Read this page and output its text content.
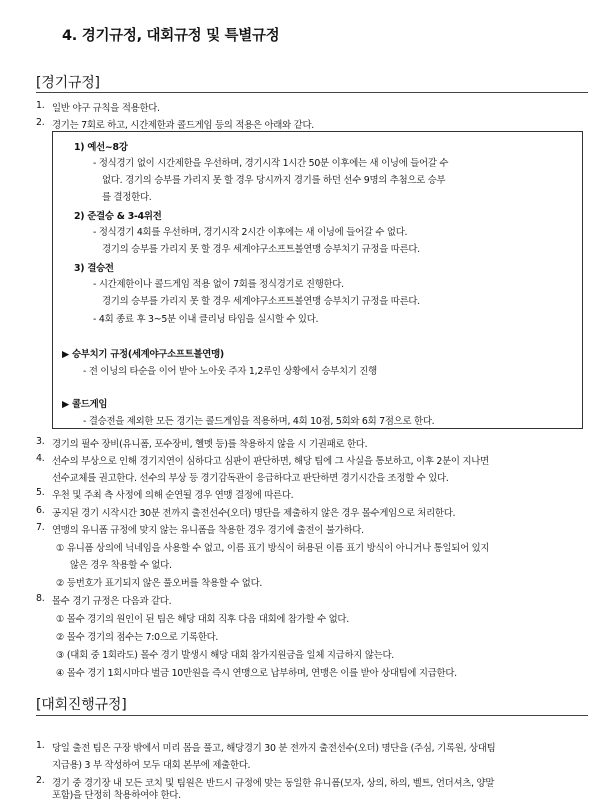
4. 경기규정, 대회규정 및 특별규정
[경기규정]
1. 일반 야구 규칙을 적용한다.
2. 경기는 7회로 하고, 시간제한과 콜드게임 등의 적용은 아래와 같다.
1) 예선~8강
- 정식경기 없이 시간제한을 우선하며, 경기시작 1시간 50분 이후에는 새 이닝에 들어갈 수
없다. 경기의 승부를 가리지 못 할 경우 당시까지 경기를 하던 선수 9명의 추첨으로 승부
를 결정한다.
2) 준결승 & 3-4위전
- 정식경기 4회를 우선하며, 경기시작 2시간 이후에는 새 이닝에 들어갈 수 없다.
경기의 승부를 가리지 못 할 경우 세계야구소프트볼연맹 승부치기 규정을 따른다.
3) 결승전
- 시간제한이나 콜드게임 적용 없이 7회를 정식경기로 진행한다.
경기의 승부를 가리지 못 할 경우 세계야구소프트볼연맹 승부치기 규정을 따른다.
- 4회 종료 후 3~5분 이내 클리닝 타임을 실시할 수 있다.
▶ 승부치기 규정(세계야구소프트볼연맹)
- 전 이닝의 타순을 이어 받아 노아웃 주자 1,2루인 상황에서 승부치기 진행
▶ 콜드게임
- 결승전을 제외한 모든 경기는 콜드게임을 적용하며, 4회 10점, 5회와 6회 7점으로 한다.
3. 경기의 필수 장비(유니폼, 포수장비, 헬멧 등)를 착용하지 않을 시 기권패로 한다.
4. 선수의 부상으로 인해 경기지연이 심하다고 심판이 판단하면, 해당 팀에 그 사실을 통보하고, 이후 2분이 지나면
선수교체를 권고한다. 선수의 부상 등 경기감독관이 응급하다고 판단하면 경기시간을 조정할 수 있다.
5. 우천 및 주최 측 사정에 의해 순연될 경우 연맹 결정에 따른다.
6. 공지된 경기 시작시간 30분 전까지 출전선수(오더) 명단을 제출하지 않은 경우 몰수게임으로 처리한다.
7. 연맹의 유니폼 규정에 맞지 않는 유니폼을 착용한 경우 경기에 출전이 불가하다.
① 유니폼 상의에 닉네임을 사용할 수 없고, 이름 표기 방식이 허용된 이름 표기 방식이 아니거나 통일되어 있지
않은 경우 착용할 수 없다.
② 등번호가 표기되지 않은 풀오버를 착용할 수 없다.
8. 몰수 경기 규정은 다음과 같다.
① 몰수 경기의 원인이 된 팀은 해당 대회 직후 다음 대회에 참가할 수 없다.
② 몰수 경기의 점수는 7:0으로 기록한다.
③ (대회 중 1회라도) 몰수 경기 발생시 해당 대회 참가지원금을 일체 지급하지 않는다.
④ 몰수 경기 1회시마다 벌금 10만원을 즉시 연맹으로 납부하며, 연맹은 이를 받아 상대팀에 지급한다.
[대회진행규정]
1. 당일 출전 팀은 구장 밖에서 미리 몸을 풀고, 해당경기 30 분 전까지 출전선수(오더) 명단을 (주심, 기록원, 상대팀
지급용) 3 부 작성하여 모두 대회 본부에 제출한다.
2. 경기 중 경기장 내 모든 코치 및 팀원은 반드시 규정에 맞는 동일한 유니폼(모자, 상의, 하의, 벨트, 언더셔츠, 양말
포함)을 단정히 착용하여야 한다.
